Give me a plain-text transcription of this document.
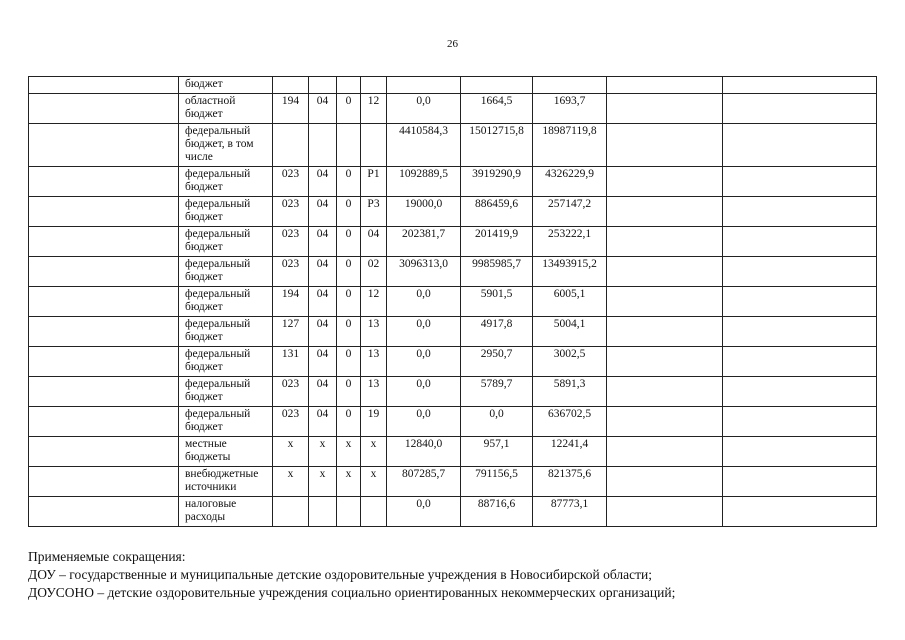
26
	бюджет									
	областной бюджет	194	04	0	12	0,0	1664,5	1693,7		
	федеральный бюджет, в том числе					4410584,3	15012715,8	18987119,8		
	федеральный бюджет	023	04	0	P1	1092889,5	3919290,9	4326229,9		
	федеральный бюджет	023	04	0	P3	19000,0	886459,6	257147,2		
	федеральный бюджет	023	04	0	04	202381,7	201419,9	253222,1		
	федеральный бюджет	023	04	0	02	3096313,0	9985985,7	13493915,2		
	федеральный бюджет	194	04	0	12	0,0	5901,5	6005,1		
	федеральный бюджет	127	04	0	13	0,0	4917,8	5004,1		
	федеральный бюджет	131	04	0	13	0,0	2950,7	3002,5		
	федеральный бюджет	023	04	0	13	0,0	5789,7	5891,3		
	федеральный бюджет	023	04	0	19	0,0	0,0	636702,5		
	местные бюджеты	х	х	х	х	12840,0	957,1	12241,4		
	внебюджетные источники	х	х	х	х	807285,7	791156,5	821375,6		
	налоговые расходы					0,0	88716,6	87773,1		
Применяемые сокращения:
ДОУ – государственные и муниципальные детские оздоровительные учреждения в Новосибирской области;
ДОУСОНО – детские оздоровительные учреждения социально ориентированных некоммерческих организаций;
